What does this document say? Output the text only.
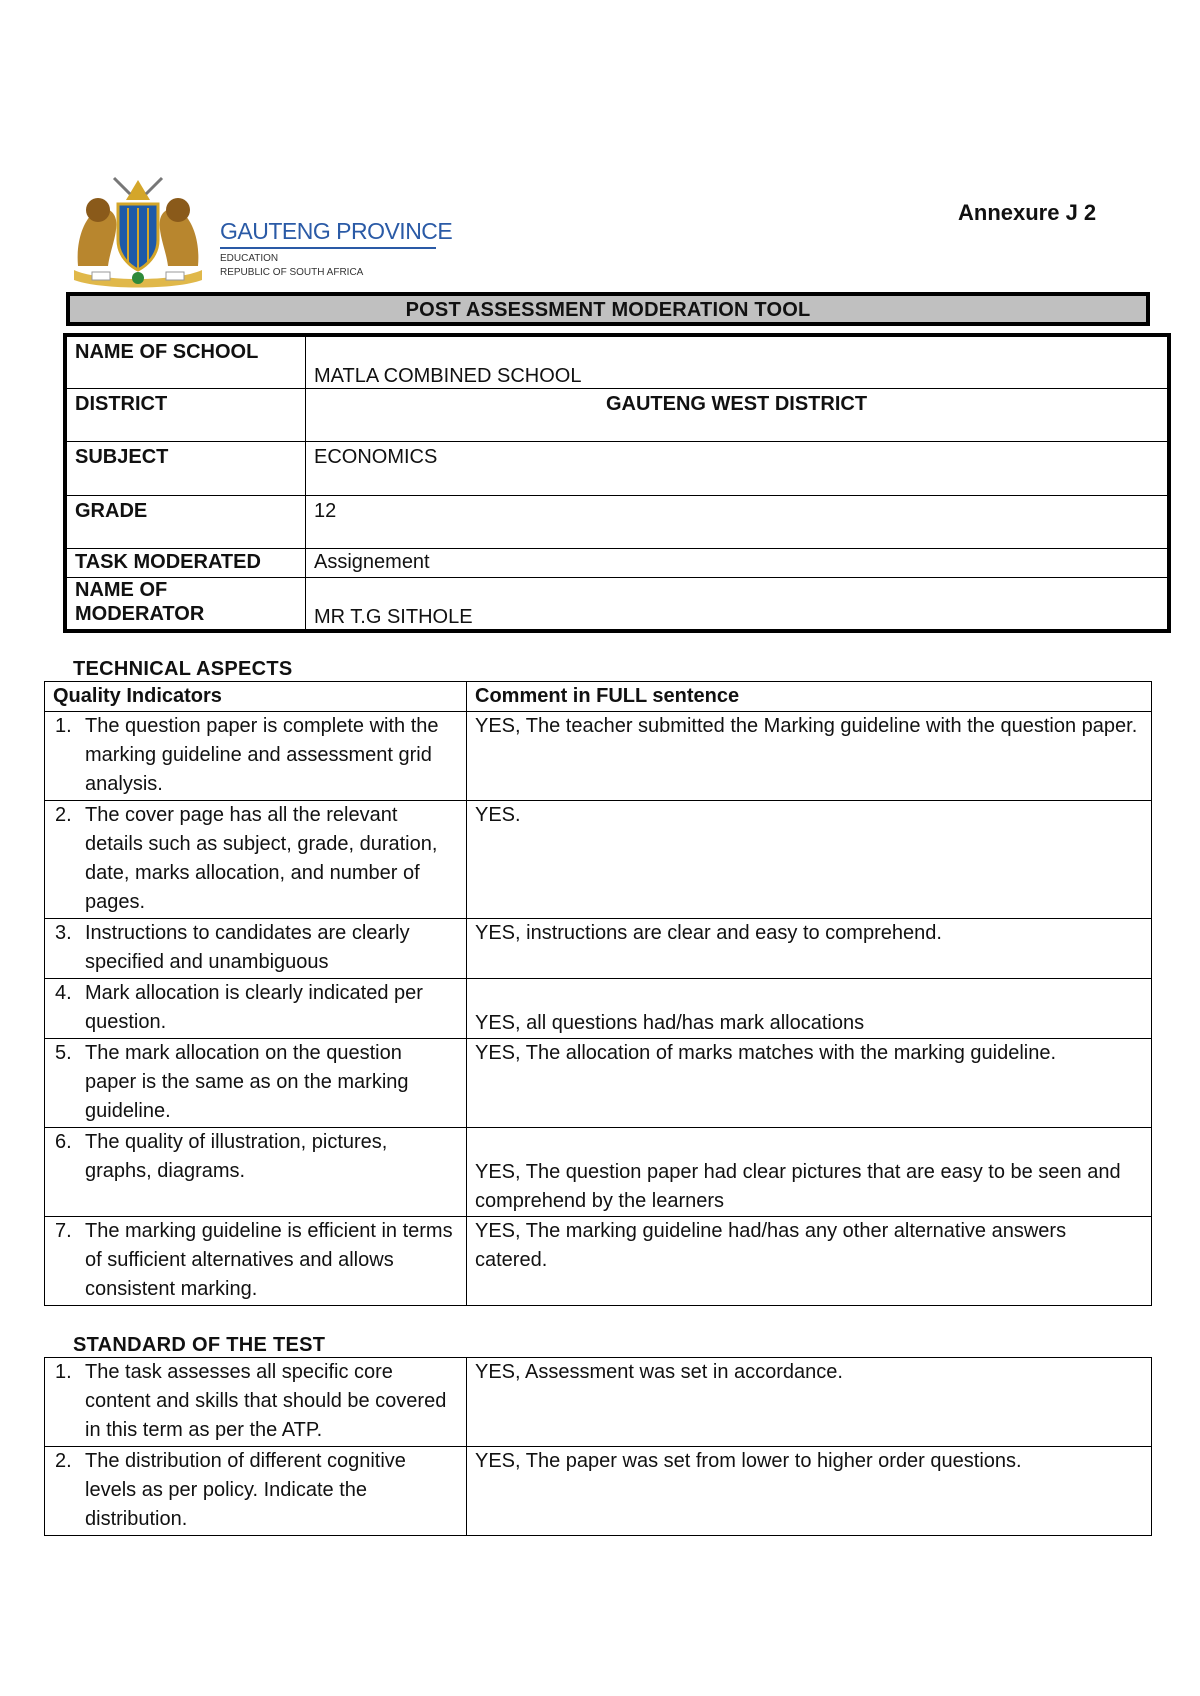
GAUTENG PROVINCE
EDUCATION
REPUBLIC OF SOUTH AFRICA
Annexure J 2
POST ASSESSMENT MODERATION TOOL
NAME OF SCHOOL	MATLA COMBINED SCHOOL
DISTRICT	GAUTENG WEST DISTRICT
SUBJECT	ECONOMICS
GRADE	12
TASK MODERATED	Assignement
NAME OF
MODERATOR	MR T.G SITHOLE
TECHNICAL ASPECTS
Quality Indicators	Comment in FULL sentence

1. The question paper is complete with the marking guideline and assessment grid analysis.	YES, The teacher submitted the Marking guideline with the question paper.

2. The cover page has all the relevant details such as subject, grade, duration, date, marks allocation, and number of pages.	YES.

3. Instructions to candidates are clearly specified and unambiguous	YES, instructions are clear and easy to comprehend.

4. Mark allocation is clearly indicated per question.	YES, all questions had/has mark allocations

5. The mark allocation on the question paper is the same as on the marking guideline.	YES, The allocation of marks matches with the marking guideline.

6. The quality of illustration, pictures, graphs, diagrams.	YES, The question paper had clear pictures that are easy to be seen and comprehend by the learners

7. The marking guideline is efficient in terms of sufficient alternatives and allows consistent marking.	YES, The marking guideline had/has any other alternative answers catered.
STANDARD OF THE TEST
1. The task assesses all specific core content and skills that should be covered in this term as per the ATP.	YES, Assessment was set in accordance.

2. The distribution of different cognitive levels as per policy. Indicate the distribution.	YES, The paper was set from lower to higher order questions.
